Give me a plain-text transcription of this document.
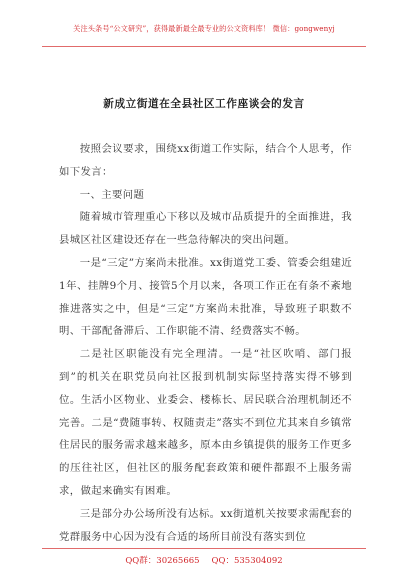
关注头条号“公文研究”，获得最新最全最专业的公文资料库！ 微信：gongwenyj
新成立街道在全县社区工作座谈会的发言

按照会议要求，围绕xx街道工作实际，结合个人思考，作如下发言：

一、主要问题

随着城市管理重心下移以及城市品质提升的全面推进，我县城区社区建设还存在一些急待解决的突出问题。

一是“三定”方案尚未批准。xx街道党工委、管委会组建近1年、挂牌9个月、接管5个月以来，各项工作正在有条不紊地推进落实之中，但是“三定”方案尚未批准，导致班子职数不明、干部配备滞后、工作职能不清、经费落实不畅。

二是社区职能没有完全理清。一是“社区吹哨、部门报到”的机关在职党员向社区报到机制实际坚持落实得不够到位。生活小区物业、业委会、楼栋长、居民联合治理机制还不完善。二是“费随事转、权随责走”落实不到位尤其来自乡镇常住居民的服务需求越来越多，原本由乡镇提供的服务工作更多的压往社区，但社区的服务配套政策和硬件都跟不上服务需求，做起来确实有困难。

三是部分办公场所没有达标。xx街道机关按要求需配套的党群服务中心因为没有合适的场所目前没有落实到位

QQ群：30265665 QQ：535304092
